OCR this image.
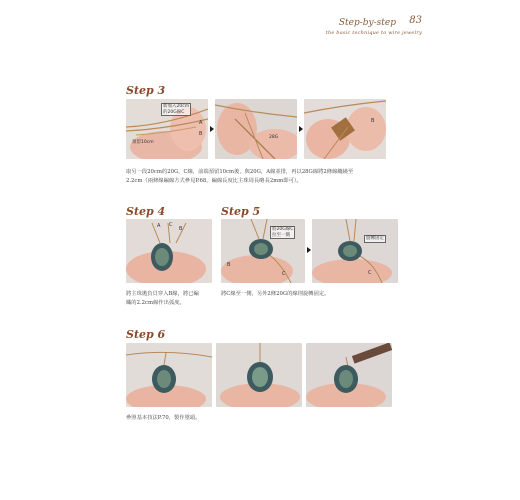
Step-by-step 83
the basic technique to wire jewelry
Step 3
新加入20cm
的20G線C
預留10cm
A
B
28G
B
取另一段20cm的20G，C線，前端預留10cm後，與20G，A線並排，再以28G線將2條線纏繞至
2.2cm（兩條線編線方式參見P.68，編線長度比主珠周長略長2mm即可）。
Step 4
A C
B
將主珠拋負貝穿入B線，將已編
織的2.2cm線作出弧度。
Step 5
將20G線C
拉至一側
B
C
旋轉固定
C
將C線至一側，另外2條20G的線則旋轉固定。
Step 6
參照基本技法P.70，製作墜頭。
